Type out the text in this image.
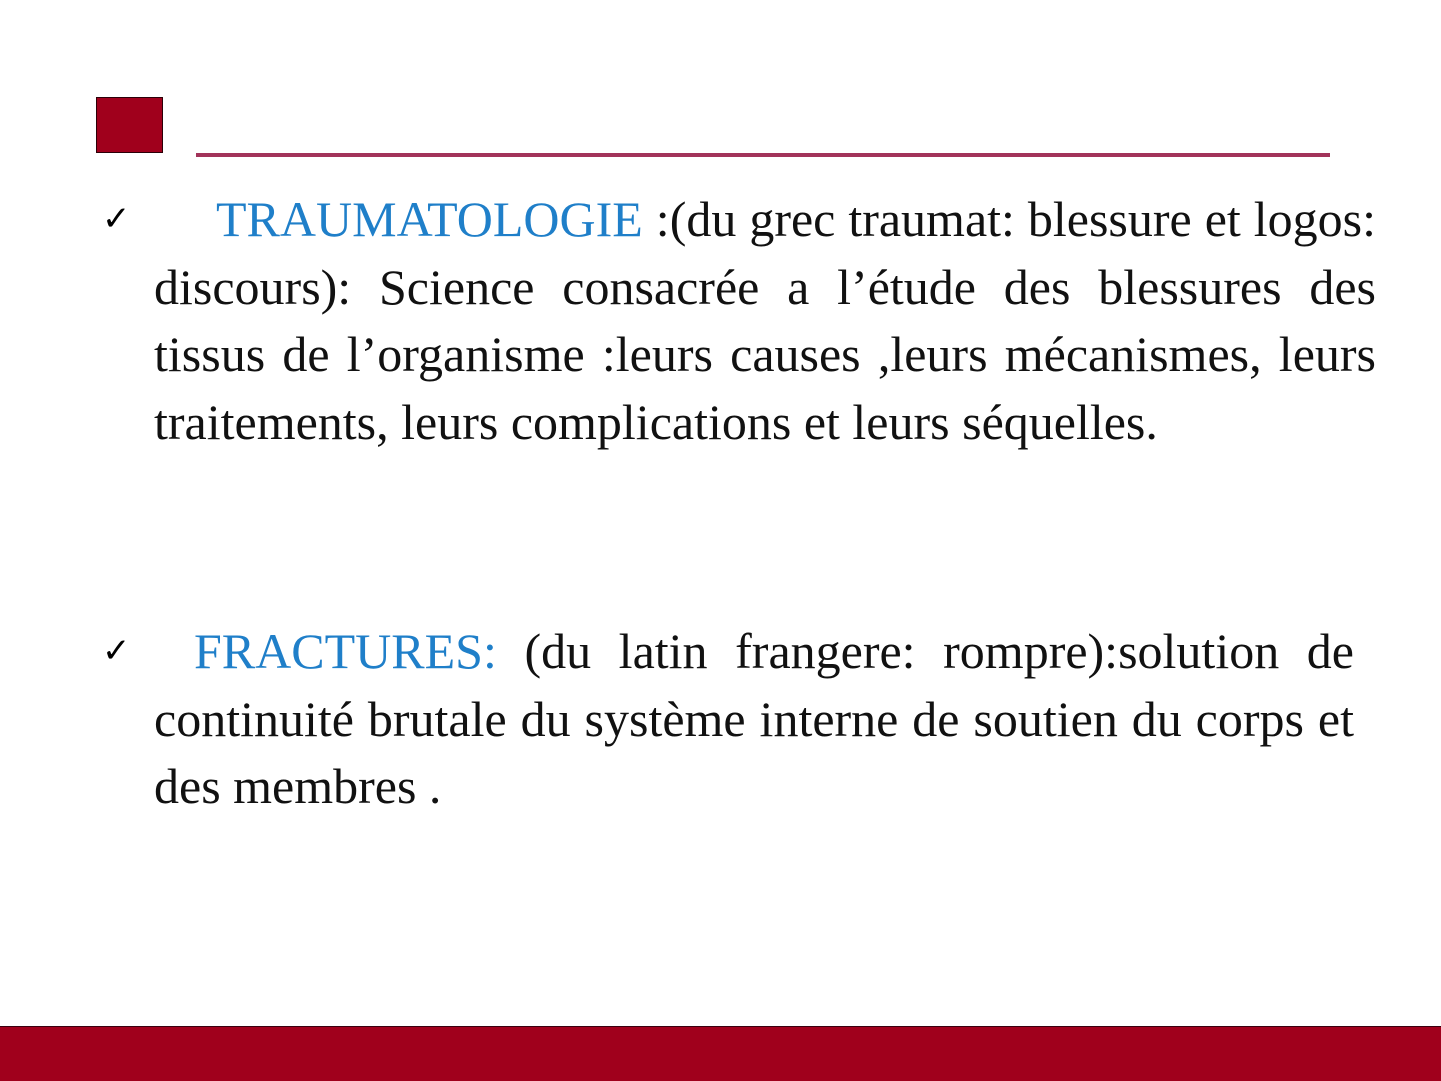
✓	TRAUMATOLOGIE :(du grec traumat: blessure et logos: discours): Science consacrée a l’étude des blessures des tissus de l’organisme :leurs causes ,leurs mécanismes, leurs traitements, leurs complications et leurs séquelles.
✓	FRACTURES: (du latin frangere: rompre):solution de continuité brutale du système interne de soutien du corps et des membres .
